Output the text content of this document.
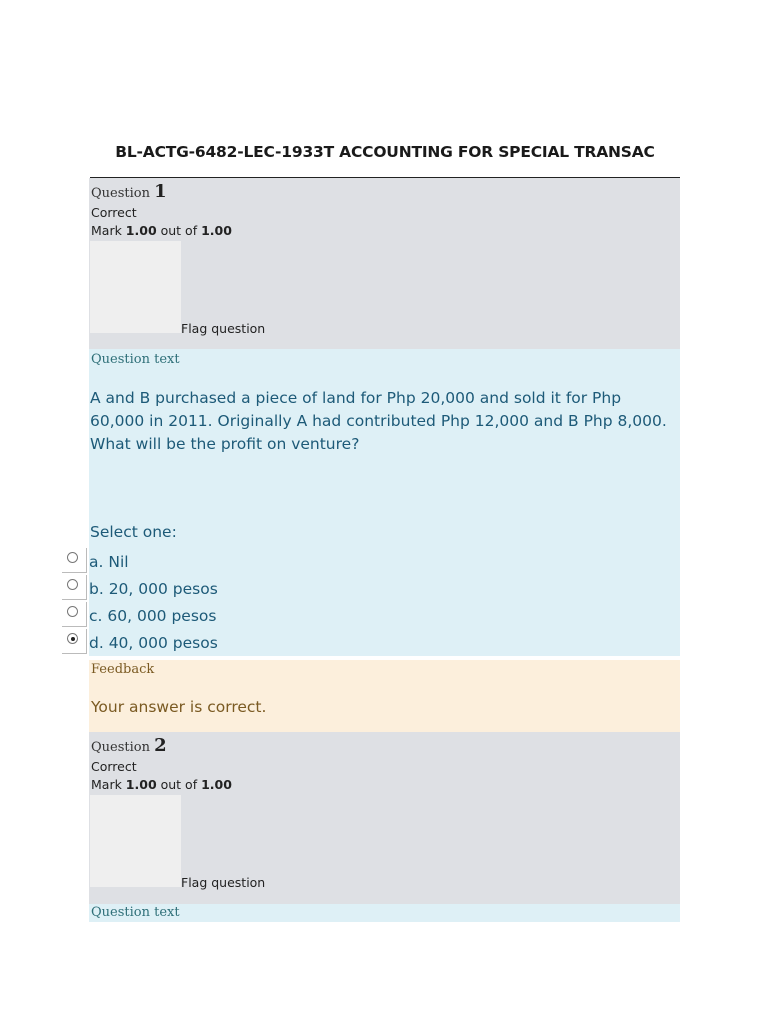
BL-ACTG-6482-LEC-1933T ACCOUNTING FOR SPECIAL TRANSAC
Question 1
Correct
Mark 1.00 out of 1.00
Flag question
Question text
A and B purchased a piece of land for Php 20,000 and sold it for Php 60,000 in 2011. Originally A had contributed Php 12,000 and B Php 8,000. What will be the profit on venture?
Select one:
a. Nil
b. 20, 000 pesos
c. 60, 000 pesos
d. 40, 000 pesos
Feedback
Your answer is correct.
Question 2
Correct
Mark 1.00 out of 1.00
Flag question
Question text
